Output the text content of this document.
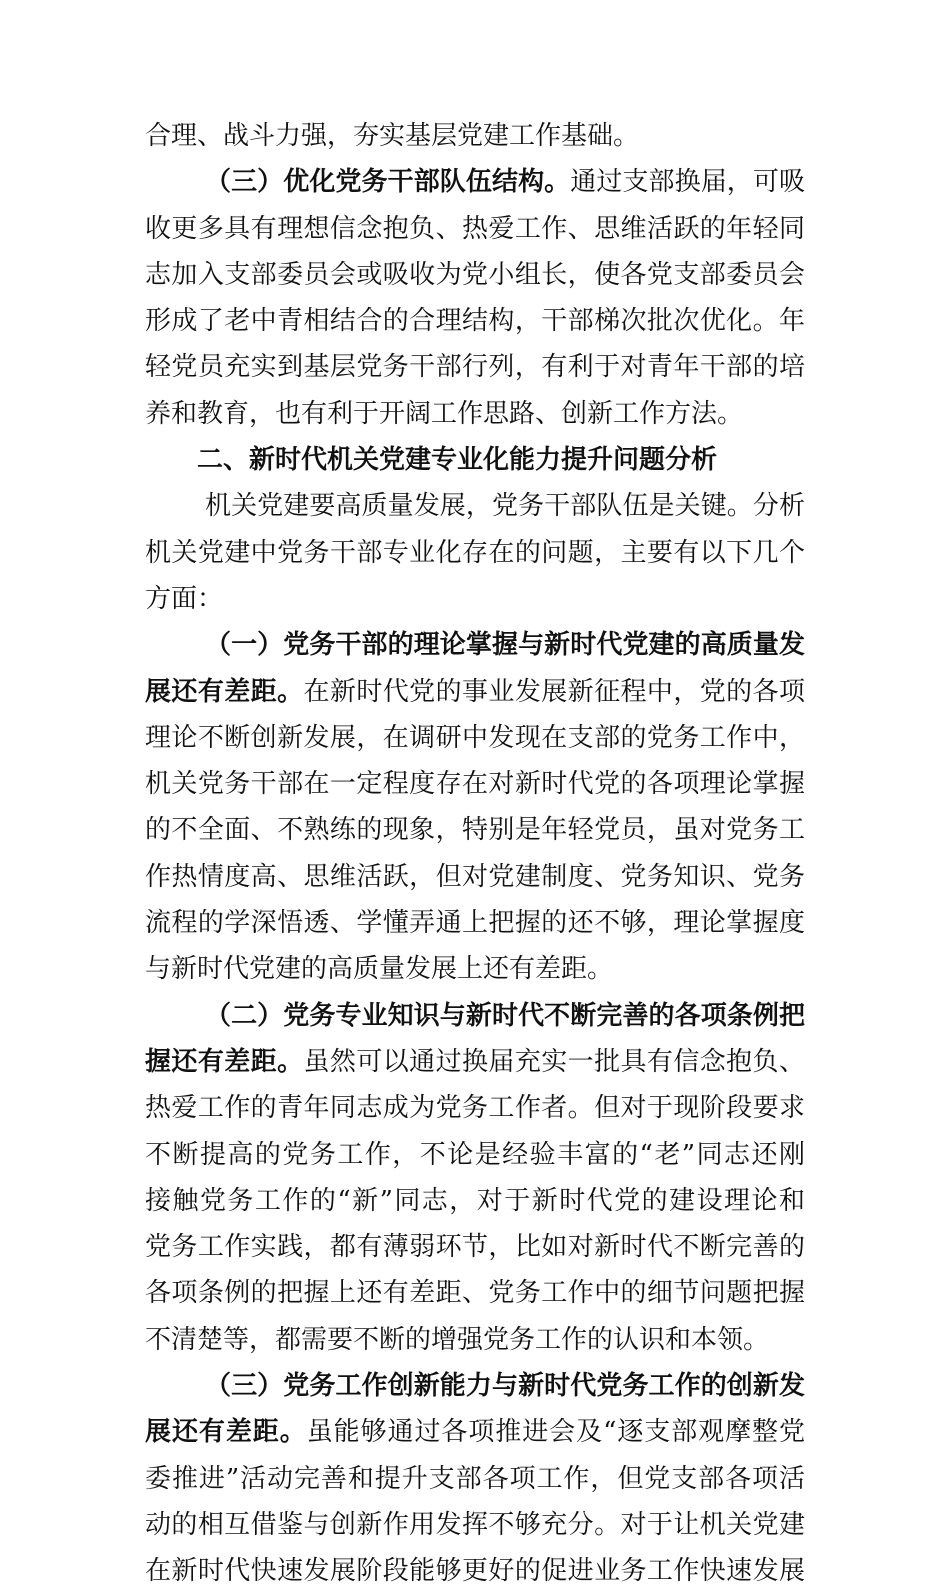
合理、战斗力强，夯实基层党建工作基础。
（三）优化党务干部队伍结构。通过支部换届，可吸
收更多具有理想信念抱负、热爱工作、思维活跃的年轻同
志加入支部委员会或吸收为党小组长，使各党支部委员会
形成了老中青相结合的合理结构，干部梯次批次优化。年
轻党员充实到基层党务干部行列，有利于对青年干部的培
养和教育，也有利于开阔工作思路、创新工作方法。
二、新时代机关党建专业化能力提升问题分析
机关党建要高质量发展，党务干部队伍是关键。分析
机关党建中党务干部专业化存在的问题，主要有以下几个
方面：
（一）党务干部的理论掌握与新时代党建的高质量发
展还有差距。在新时代党的事业发展新征程中，党的各项
理论不断创新发展，在调研中发现在支部的党务工作中，
机关党务干部在一定程度存在对新时代党的各项理论掌握
的不全面、不熟练的现象，特别是年轻党员，虽对党务工
作热情度高、思维活跃，但对党建制度、党务知识、党务
流程的学深悟透、学懂弄通上把握的还不够，理论掌握度
与新时代党建的高质量发展上还有差距。
（二）党务专业知识与新时代不断完善的各项条例把
握还有差距。虽然可以通过换届充实一批具有信念抱负、
热爱工作的青年同志成为党务工作者。但对于现阶段要求
不断提高的党务工作，不论是经验丰富的“老”同志还刚
接触党务工作的“新”同志，对于新时代党的建设理论和
党务工作实践，都有薄弱环节，比如对新时代不断完善的
各项条例的把握上还有差距、党务工作中的细节问题把握
不清楚等，都需要不断的增强党务工作的认识和本领。
（三）党务工作创新能力与新时代党务工作的创新发
展还有差距。虽能够通过各项推进会及“逐支部观摩整党
委推进”活动完善和提升支部各项工作，但党支部各项活
动的相互借鉴与创新作用发挥不够充分。对于让机关党建
在新时代快速发展阶段能够更好的促进业务工作快速发展
